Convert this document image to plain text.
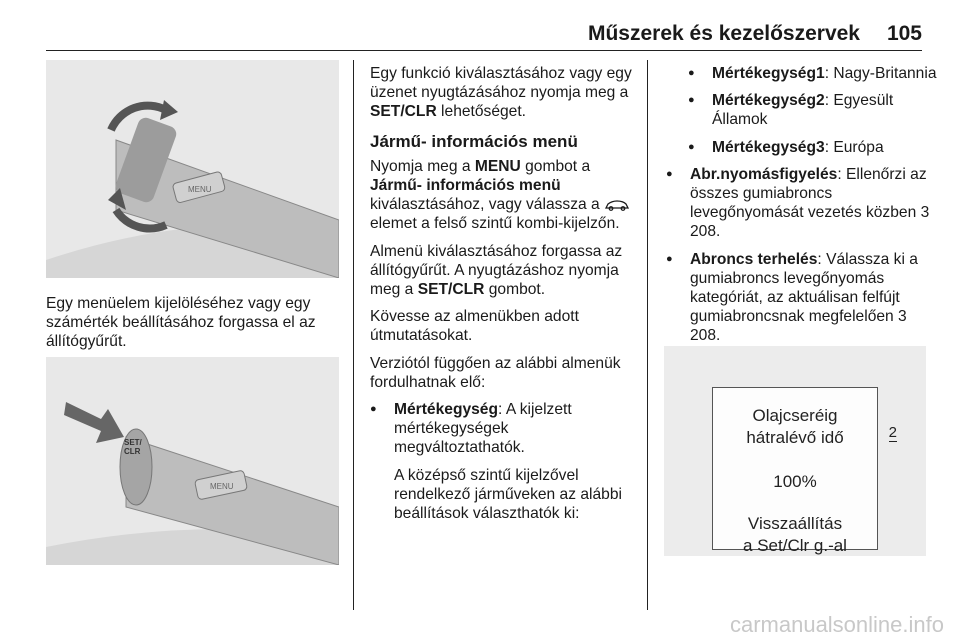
Műszerek és kezelőszervek 105
MENU

Egy menüelem kijelöléséhez vagy egy számérték beállításához forgassa el az állítógyűrűt.

SET/
CLR
MENU

Egy funkció kiválasztásához vagy egy üzenet nyugtázásához nyomja meg a SET/CLR lehetőséget.

Jármű- információs menü

Nyomja meg a MENU gombot a Jármű- információs menü kiválasztásához, vagy válassza a  elemet a felső szintű kombi-kijelzőn.

Almenü kiválasztásához forgassa az állítógyűrűt. A nyugtázáshoz nyomja meg a SET/CLR gombot.

Kövesse az almenükben adott útmutatásokat.

Verziótól függően az alábbi almenük fordulhatnak elő:

● Mértékegység: A kijelzett mértékegységek megváltoztathatók.

A középső szintű kijelzővel rendelkező járműveken az alábbi beállítások választhatók ki:

● Mértékegység1: Nagy-Britannia
● Mértékegység2: Egyesült Államok
● Mértékegység3: Európa
● Abr.nyomásfigyelés: Ellenőrzi az összes gumiabroncs levegőnyomását vezetés közben 3 208.
● Abroncs terhelés: Válassza ki a gumiabroncs levegőnyomás kategóriát, az aktuálisan felfújt gumiabroncsnak megfelelően 3 208.
Olajcseréig
hátralévő idő	2
100%
Visszaállítás
a Set/Clr g.-al
carmanualsonline.info
